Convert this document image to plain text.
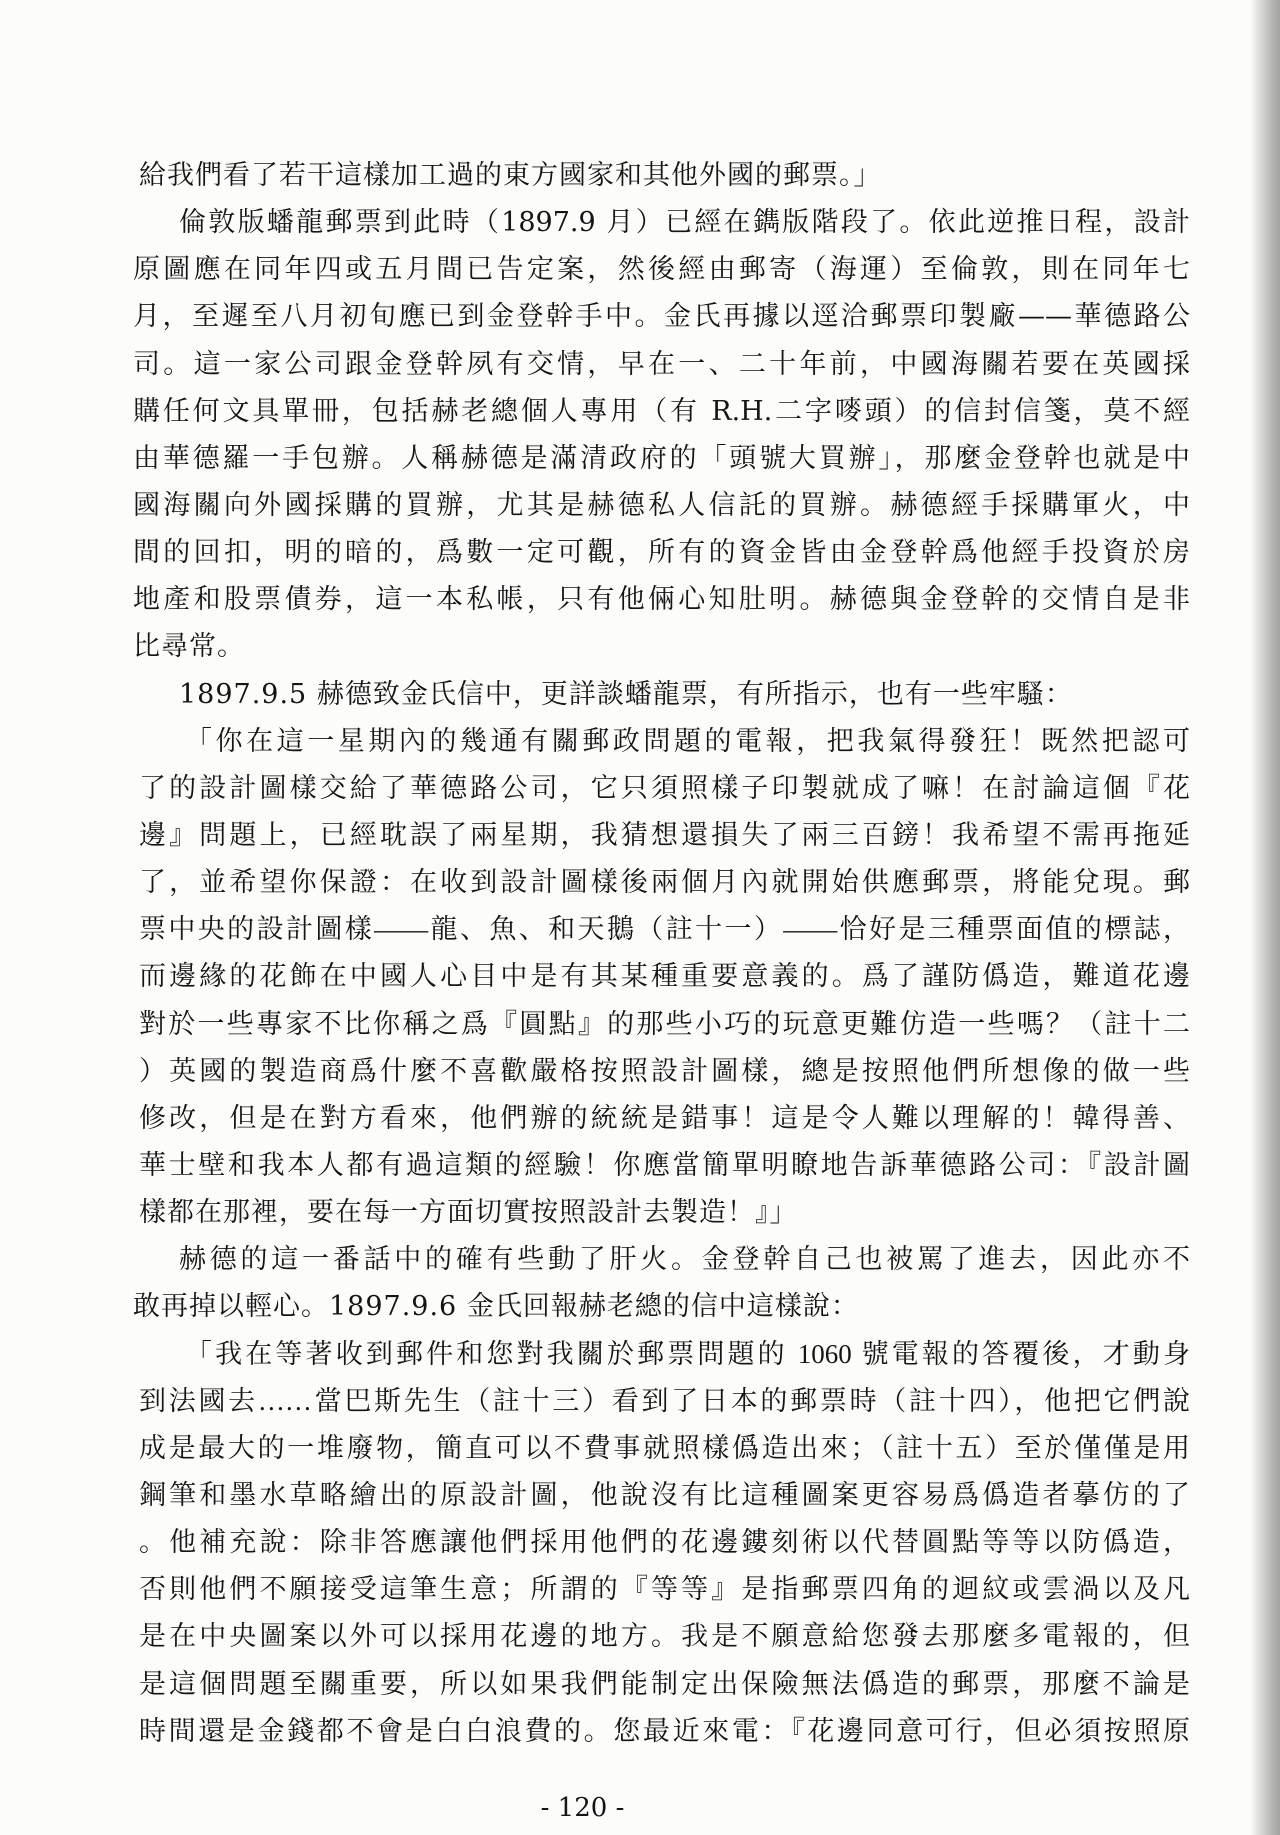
給我們看了若干這樣加工過的東方國家和其他外國的郵票。」
倫敦版蟠龍郵票到此時（1897.9 月）已經在鐫版階段了。依此逆推日程，設計
原圖應在同年四或五月間已告定案，然後經由郵寄（海運）至倫敦，則在同年七
月，至遲至八月初旬應已到金登幹手中。金氏再據以逕洽郵票印製廠——華德路公
司。這一家公司跟金登幹夙有交情，早在一、二十年前，中國海關若要在英國採
購任何文具單冊，包括赫老總個人專用（有 R.H.二字嘜頭）的信封信箋，莫不經
由華德羅一手包辦。人稱赫德是滿清政府的「頭號大買辦」，那麼金登幹也就是中
國海關向外國採購的買辦，尤其是赫德私人信託的買辦。赫德經手採購軍火，中
間的回扣，明的暗的，爲數一定可觀，所有的資金皆由金登幹爲他經手投資於房
地產和股票債券，這一本私帳，只有他倆心知肚明。赫德與金登幹的交情自是非
比尋常。
1897.9.5 赫德致金氏信中，更詳談蟠龍票，有所指示，也有一些牢騷：
「你在這一星期內的幾通有關郵政問題的電報，把我氣得發狂！既然把認可
了的設計圖樣交給了華德路公司，它只須照樣子印製就成了嘛！在討論這個『花
邊』問題上，已經耽誤了兩星期，我猜想還損失了兩三百鎊！我希望不需再拖延
了，並希望你保證：在收到設計圖樣後兩個月內就開始供應郵票，將能兌現。郵
票中央的設計圖樣——龍、魚、和天鵝（註十一）——恰好是三種票面值的標誌，
而邊緣的花飾在中國人心目中是有其某種重要意義的。爲了謹防僞造，難道花邊
對於一些專家不比你稱之爲『圓點』的那些小巧的玩意更難仿造一些嗎？（註十二
）英國的製造商爲什麼不喜歡嚴格按照設計圖樣，總是按照他們所想像的做一些
修改，但是在對方看來，他們辦的統統是錯事！這是令人難以理解的！韓得善、
華士壁和我本人都有過這類的經驗！你應當簡單明瞭地告訴華德路公司：『設計圖
樣都在那裡，要在每一方面切實按照設計去製造！』」
赫德的這一番話中的確有些動了肝火。金登幹自己也被罵了進去，因此亦不
敢再掉以輕心。1897.9.6 金氏回報赫老總的信中這樣說：
「我在等著收到郵件和您對我關於郵票問題的 1060 號電報的答覆後，才動身
到法國去……當巴斯先生（註十三）看到了日本的郵票時（註十四），他把它們說
成是最大的一堆廢物，簡直可以不費事就照樣僞造出來；（註十五）至於僅僅是用
鋼筆和墨水草略繪出的原設計圖，他說沒有比這種圖案更容易爲僞造者摹仿的了
。他補充說：除非答應讓他們採用他們的花邊鏤刻術以代替圓點等等以防僞造，
否則他們不願接受這筆生意；所謂的『等等』是指郵票四角的迴紋或雲渦以及凡
是在中央圖案以外可以採用花邊的地方。我是不願意給您發去那麼多電報的，但
是這個問題至關重要，所以如果我們能制定出保險無法僞造的郵票，那麼不論是
時間還是金錢都不會是白白浪費的。您最近來電：『花邊同意可行，但必須按照原
- 120 -
